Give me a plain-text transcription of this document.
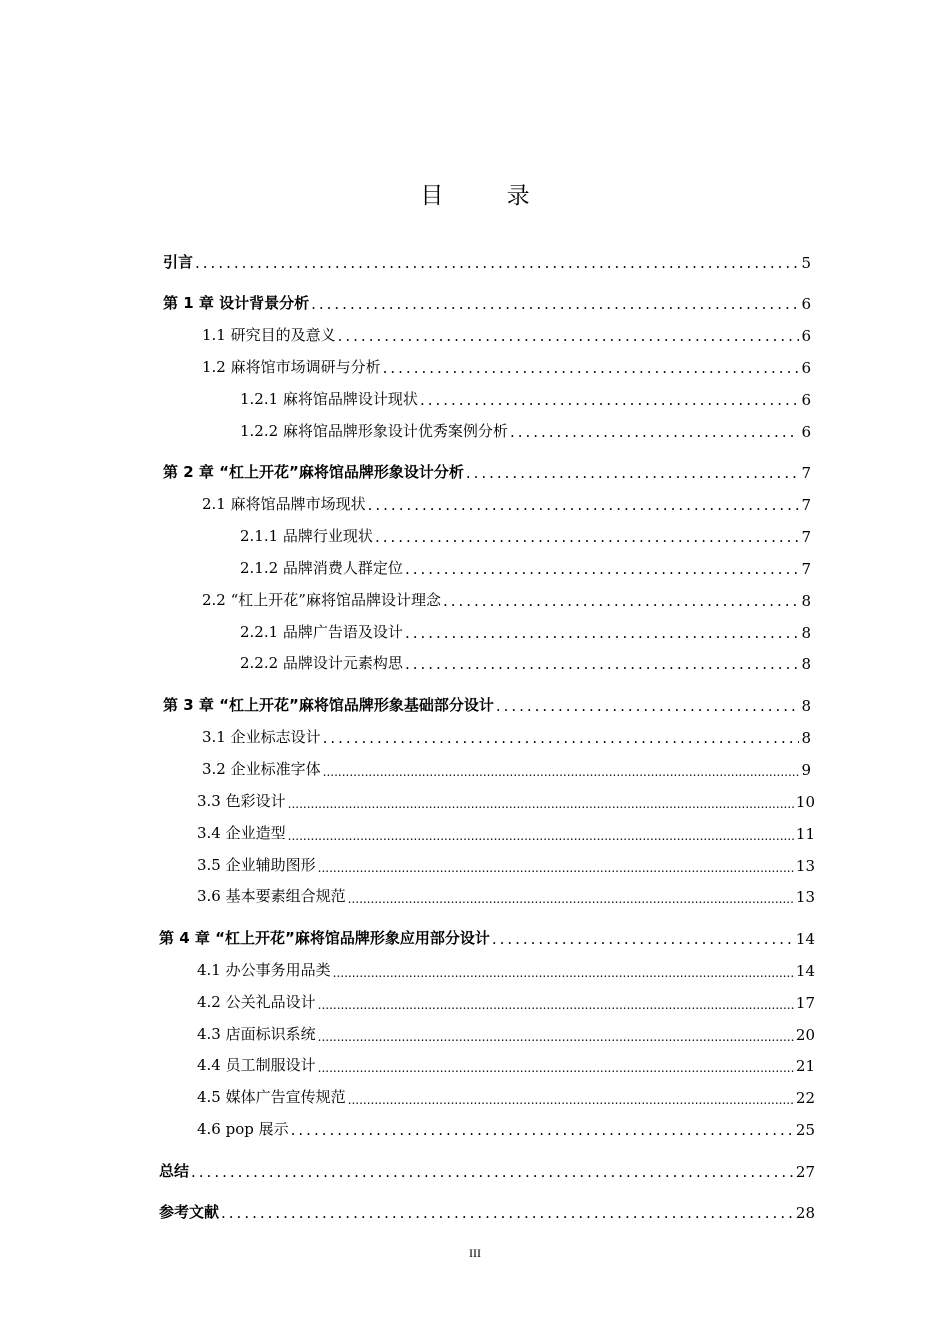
目 录
引言 .....	5
第 1 章 设计背景分析 .....	6
1.1 研究目的及意义 .....	6
1.2 麻将馆市场调研与分析 .....	6
1.2.1 麻将馆品牌设计现状 .....	6
1.2.2 麻将馆品牌形象设计优秀案例分析 .....	6
第 2 章 “杠上开花”麻将馆品牌形象设计分析 .....	7
2.1 麻将馆品牌市场现状 .....	7
2.1.1 品牌行业现状 .....	7
2.1.2 品牌消费人群定位 .....	7
2.2 “杠上开花”麻将馆品牌设计理念 .....	8
2.2.1 品牌广告语及设计 .....	8
2.2.2 品牌设计元素构思 .....	8
第 3 章 “杠上开花”麻将馆品牌形象基础部分设计 .....	8
3.1 企业标志设计 .....	8
3.2 企业标准字体 .....	9
3.3 色彩设计 .....	10
3.4 企业造型 .....	11
3.5 企业辅助图形 .....	13
3.6 基本要素组合规范 .....	13
第 4 章 “杠上开花”麻将馆品牌形象应用部分设计 .....	14
4.1 办公事务用品类 .....	14
4.2 公关礼品设计 .....	17
4.3 店面标识系统 .....	20
4.4 员工制服设计 .....	21
4.5 媒体广告宣传规范 .....	22
4.6 pop 展示 .....	25
总结 .....	27
参考文献 .....	28
III
